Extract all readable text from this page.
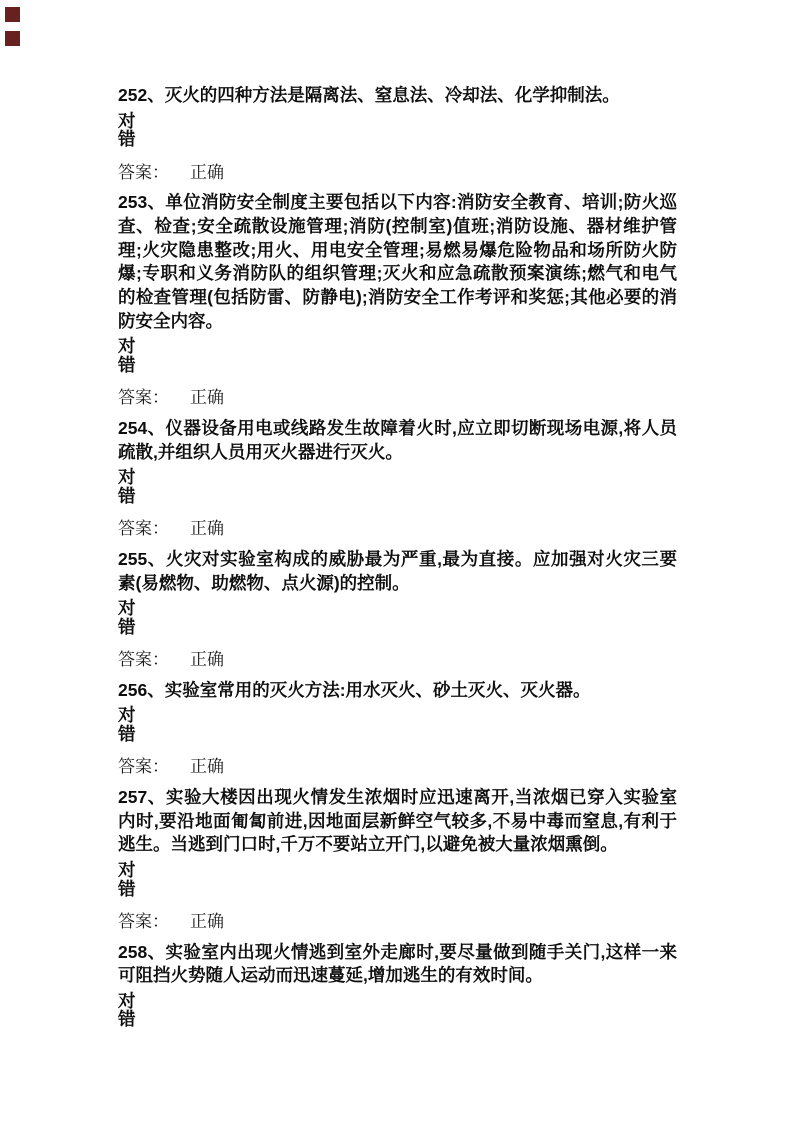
252、灭火的四种方法是隔离法、窒息法、冷却法、化学抑制法。

对

错

答案： 正确

253、单位消防安全制度主要包括以下内容:消防安全教育、培训;防火巡查、检查;安全疏散设施管理;消防(控制室)值班;消防设施、器材维护管理;火灾隐患整改;用火、用电安全管理;易燃易爆危险物品和场所防火防爆;专职和义务消防队的组织管理;灭火和应急疏散预案演练;燃气和电气的检查管理(包括防雷、防静电);消防安全工作考评和奖惩;其他必要的消防安全内容。

对

错

答案： 正确

254、仪器设备用电或线路发生故障着火时,应立即切断现场电源,将人员疏散,并组织人员用灭火器进行灭火。

对

错

答案： 正确

255、火灾对实验室构成的威胁最为严重,最为直接。应加强对火灾三要素(易燃物、助燃物、点火源)的控制。

对

错

答案： 正确

256、实验室常用的灭火方法:用水灭火、砂土灭火、灭火器。

对

错

答案： 正确

257、实验大楼因出现火情发生浓烟时应迅速离开,当浓烟已穿入实验室内时,要沿地面匍匐前进,因地面层新鲜空气较多,不易中毒而窒息,有利于逃生。当逃到门口时,千万不要站立开门,以避免被大量浓烟熏倒。

对

错

答案： 正确

258、实验室内出现火情逃到室外走廊时,要尽量做到随手关门,这样一来可阻挡火势随人运动而迅速蔓延,增加逃生的有效时间。

对

错
